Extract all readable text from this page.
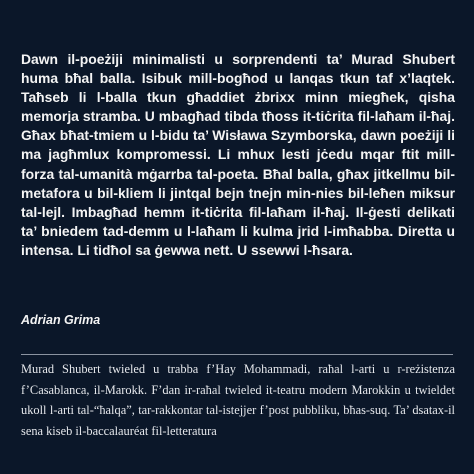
Dawn il-poeżiji minimalisti u sorprendenti ta’ Murad Shubert huma bħal balla. Isibuk mill-bogħod u lanqas tkun taf x’laqtek. Taħseb li l-balla tkun għaddiet żbrixx minn miegħek, qisha memorja stramba. U mbagħad tibda tħoss it-tiċrita fil-laħam il-ħaj. Għax bħat-tmiem u l-bidu ta’ Wisława Szymborska, dawn poeżiji li ma jagħmlux kompromessi. Li mhux lesti jċedu mqar ftit mill-forza tal-umanità mġarrba tal-poeta. Bħal balla, għax jitkellmu bil-metafora u bil-kliem li jintqal bejn tnejn min-nies bil-leħen miksur tal-lejl. Imbagħad hemm it-tiċrita fil-laħam il-ħaj. Il-ġesti delikati ta’ bniedem tad-demm u l-laħam li kulma jrid l-imħabba. Diretta u intensa. Li tidħol sa ġewwa nett. U ssewwi l-ħsara.

Adrian Grima

Murad Shubert twieled u trabba f’Hay Mohammadi, raħal l-arti u r-reżistenza f’Casablanca, il-Marokk. F’dan ir-raħal twieled it-teatru modern Marokkin u twieldet ukoll l-arti tal-“ħalqa”, tar-rakkontar tal-istejjer f’post pubbliku, bħas-suq. Ta’ dsatax-il sena kiseb il-baccalauréat fil-letteratura
